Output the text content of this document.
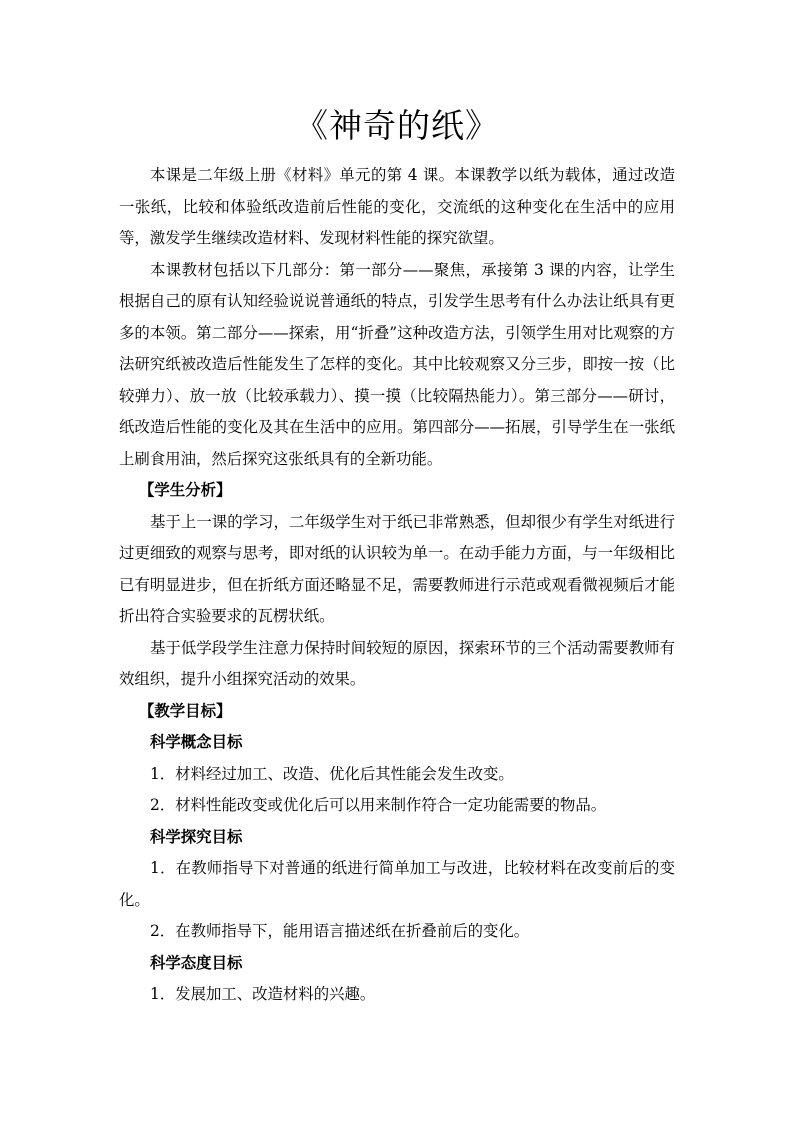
《神奇的纸》

本课是二年级上册《材料》单元的第 4 课。本课教学以纸为载体，通过改造一张纸，比较和体验纸改造前后性能的变化，交流纸的这种变化在生活中的应用等，激发学生继续改造材料、发现材料性能的探究欲望。

本课教材包括以下几部分：第一部分——聚焦，承接第 3 课的内容，让学生根据自己的原有认知经验说说普通纸的特点，引发学生思考有什么办法让纸具有更多的本领。第二部分——探索，用“折叠”这种改造方法，引领学生用对比观察的方法研究纸被改造后性能发生了怎样的变化。其中比较观察又分三步，即按一按（比较弹力）、放一放（比较承载力）、摸一摸（比较隔热能力）。第三部分——研讨，纸改造后性能的变化及其在生活中的应用。第四部分——拓展，引导学生在一张纸上刷食用油，然后探究这张纸具有的全新功能。

【学生分析】

基于上一课的学习，二年级学生对于纸已非常熟悉，但却很少有学生对纸进行过更细致的观察与思考，即对纸的认识较为单一。在动手能力方面，与一年级相比已有明显进步，但在折纸方面还略显不足，需要教师进行示范或观看微视频后才能折出符合实验要求的瓦楞状纸。

基于低学段学生注意力保持时间较短的原因，探索环节的三个活动需要教师有效组织，提升小组探究活动的效果。

【教学目标】

科学概念目标

1．材料经过加工、改造、优化后其性能会发生改变。

2．材料性能改变或优化后可以用来制作符合一定功能需要的物品。

科学探究目标

1．在教师指导下对普通的纸进行简单加工与改进，比较材料在改变前后的变化。

2．在教师指导下，能用语言描述纸在折叠前后的变化。

科学态度目标

1．发展加工、改造材料的兴趣。
